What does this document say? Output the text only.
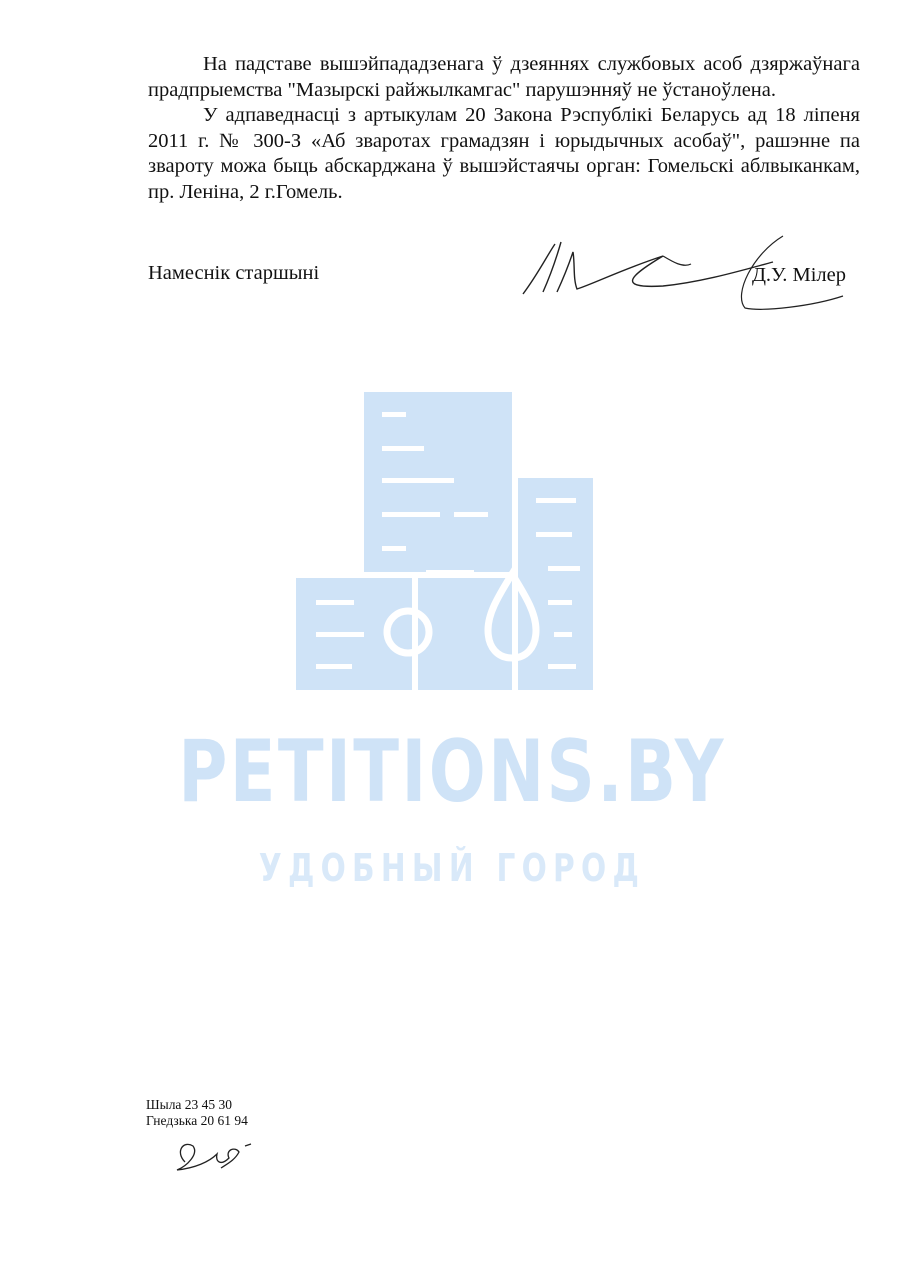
PETITIONS.BY
УДОБНЫЙ ГОРОД

На падставе вышэйпададзенага ў дзеяннях службовых асоб дзяржаўнага прадпрыемства "Мазырскі райжылкамгас" парушэнняў не ўстаноўлена.

У адпаведнасці з артыкулам 20 Закона Рэспублікі Беларусь ад 18 ліпеня 2011 г. № 300-З «Аб зваротах грамадзян і юрыдычных асобаў", рашэнне па звароту можа быць абскарджана ў вышэйстаячы орган: Гомельскі аблвыканкам, пр. Леніна, 2 г.Гомель.

Намеснік старшыні	Д.У. Мілер
Шыла 23 45 30
Гнедзька 20 61 94
